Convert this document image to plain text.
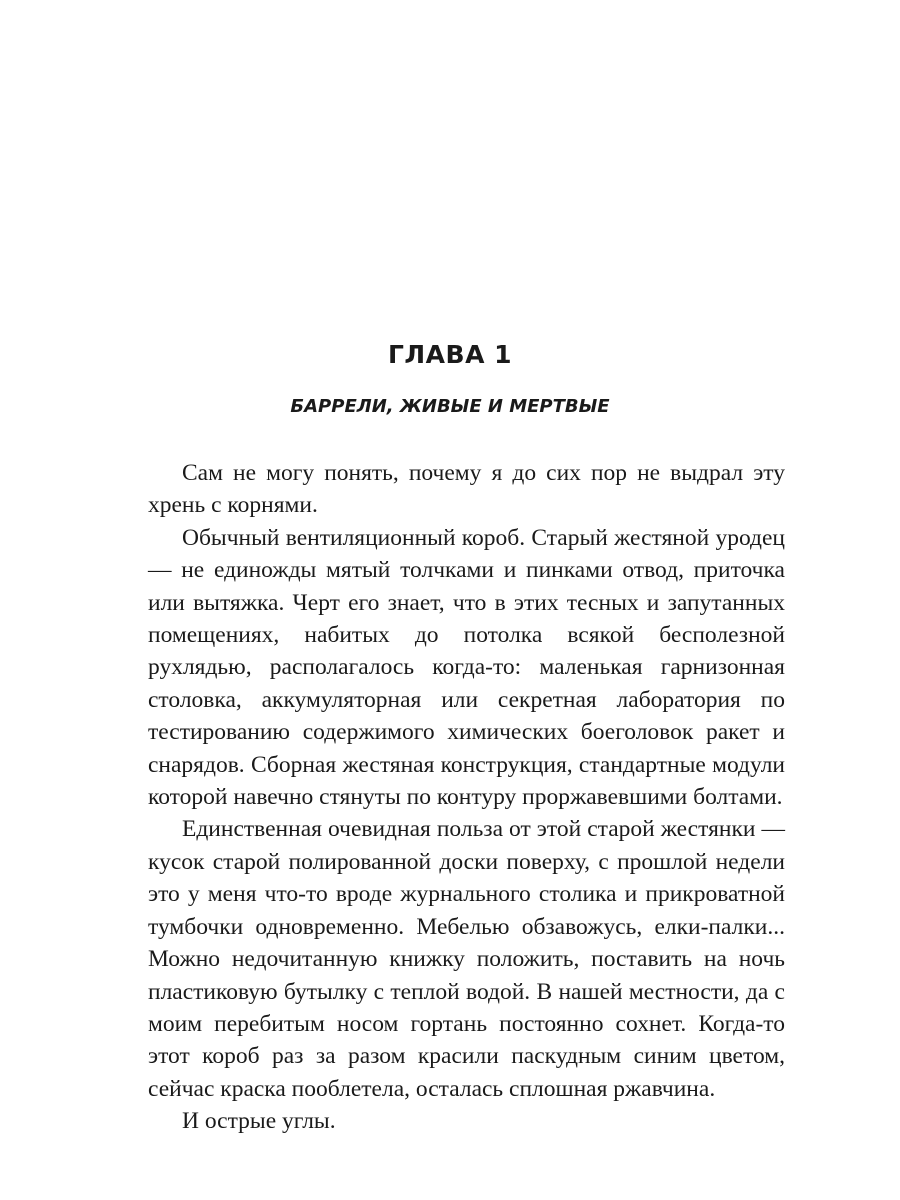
ГЛАВА 1
БАРРЕЛИ, ЖИВЫЕ И МЕРТВЫЕ

Сам не могу понять, почему я до сих пор не выдрал эту хрень с корнями.

Обычный вентиляционный короб. Старый жестяной уродец — не единожды мятый толчками и пинками отвод, приточка или вытяжка. Черт его знает, что в этих тесных и запутанных помещениях, набитых до потолка всякой бесполезной рухлядью, располагалось когда-то: маленькая гарнизонная столовка, аккумуляторная или секретная лаборатория по тестированию содержимого химических боеголовок ракет и снарядов. Сборная жестяная конструкция, стандартные модули которой навечно стянуты по контуру проржавевшими болтами.

Единственная очевидная польза от этой старой жестянки — кусок старой полированной доски поверху, с прошлой недели это у меня что-то вроде журнального столика и прикроватной тумбочки одновременно. Мебелью обзавожусь, елки-палки... Можно недочитанную книжку положить, поставить на ночь пластиковую бутылку с теплой водой. В нашей местности, да с моим перебитым носом гортань постоянно сохнет. Когда-то этот короб раз за разом красили паскудным синим цветом, сейчас краска пооблетела, осталась сплошная ржавчина.

И острые углы.
